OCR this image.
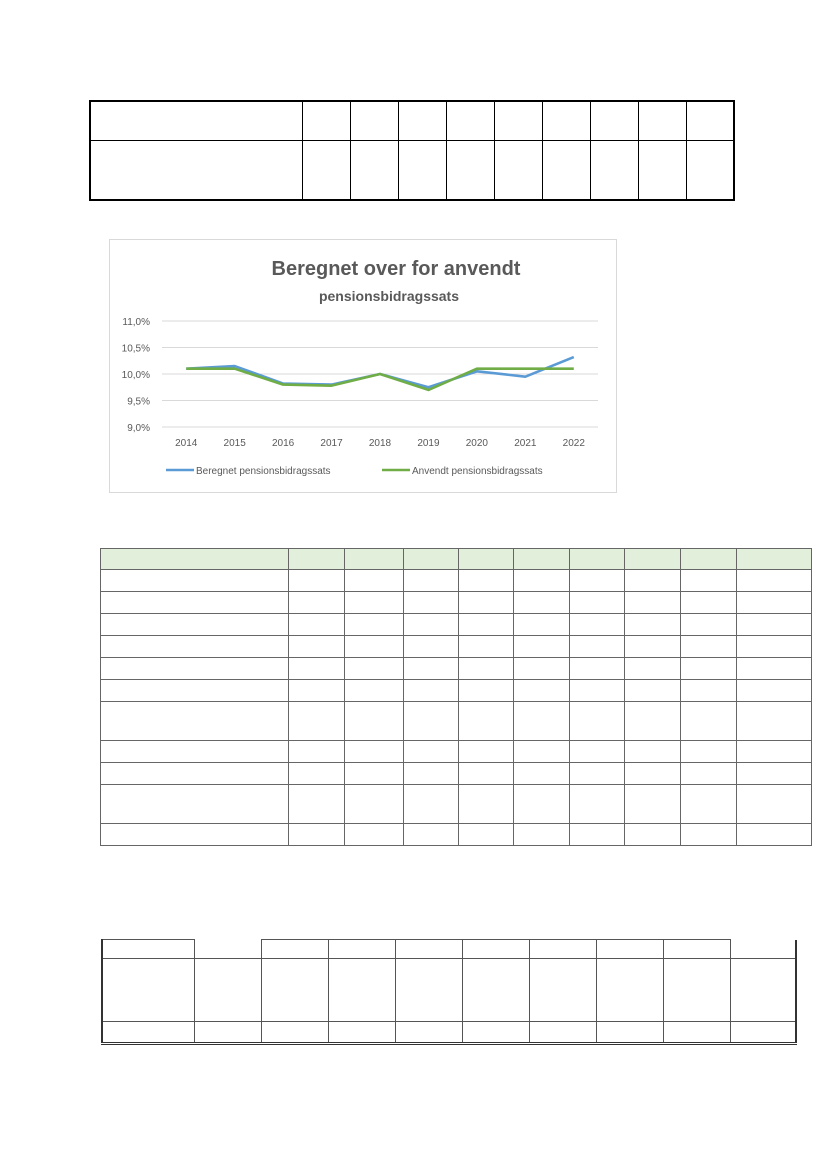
Beregnet over for anvendt
pensionsbidragssats
11,0%
10,5%
10,0%
9,5%
9,0%
2014	2015	2016	2017	2018	2019	2020	2021	2022
Beregnet pensionsbidragssats	Anvendt pensionsbidragssats
